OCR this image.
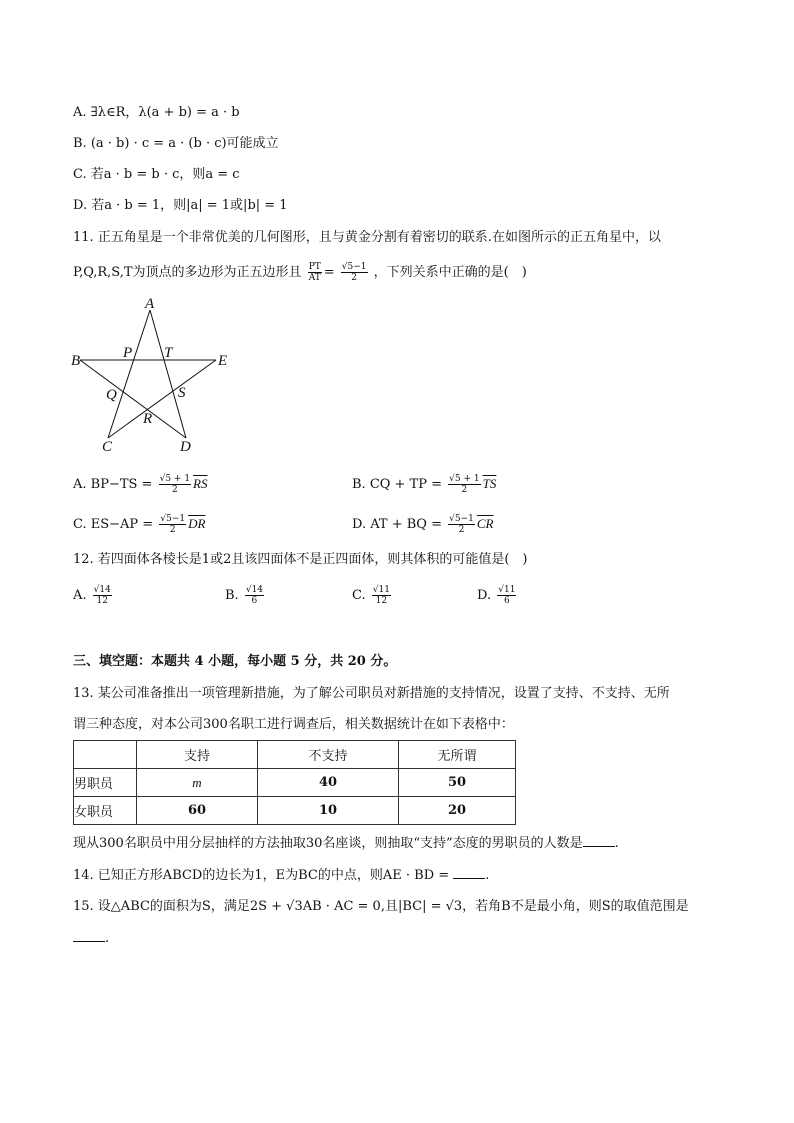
A. ∃λ∈R，λ(a + b) = a · b
B. (a · b) · c = a · (b · c)可能成立
C. 若a · b = b · c，则a = c
D. 若a · b = 1，则|a| = 1或|b| = 1
11. 正五角星是一个非常优美的几何图形，且与黄金分割有着密切的联系.在如图所示的正五角星中，以
P,Q,R,S,T为顶点的多边形为正五边形且 $\frac{PT}{AT} = \frac{√5-1}{2}$ ，下列关系中正确的是(　)
A
B	E
P T
Q	S
R
C	D
A. $BP-TS = \frac{√5 + 1}{2} \overline{RS}$	B. CQ + TP = $\frac{√5 + 1}{2} \overline{TS}$
C. $ES-AP = \frac{√5-1}{2} \overline{DR}$	D. AT + BQ = $\frac{√5-1}{2} \overline{CR}$
12. 若四面体各棱长是1或2且该四面体不是正四面体，则其体积的可能值是(　)
A. $\frac{√14}{12}$	B. $\frac{√14}{6}$	C. $\frac{√11}{12}$	D. $\frac{√11}{6}$
三、填空题：本题共 4 小题，每小题 5 分，共 20 分。
13. 某公司准备推出一项管理新措施，为了解公司职员对新措施的支持情况，设置了支持、不支持、无所
谓三种态度，对本公司300名职工进行调查后，相关数据统计在如下表格中：
	支持	不支持	无所谓
男职员	m	40	50
女职员	60	10	20
现从300名职员中用分层抽样的方法抽取30名座谈，则抽取“支持”态度的男职员的人数是 .
14. 已知正方形ABCD的边长为1，E为BC的中点，则AE · BD = .
15. 设△ABC的面积为S，满足2S + √3AB · AC = 0,且|BC| = √3，若角B不是最小角，则S的取值范围是
.
